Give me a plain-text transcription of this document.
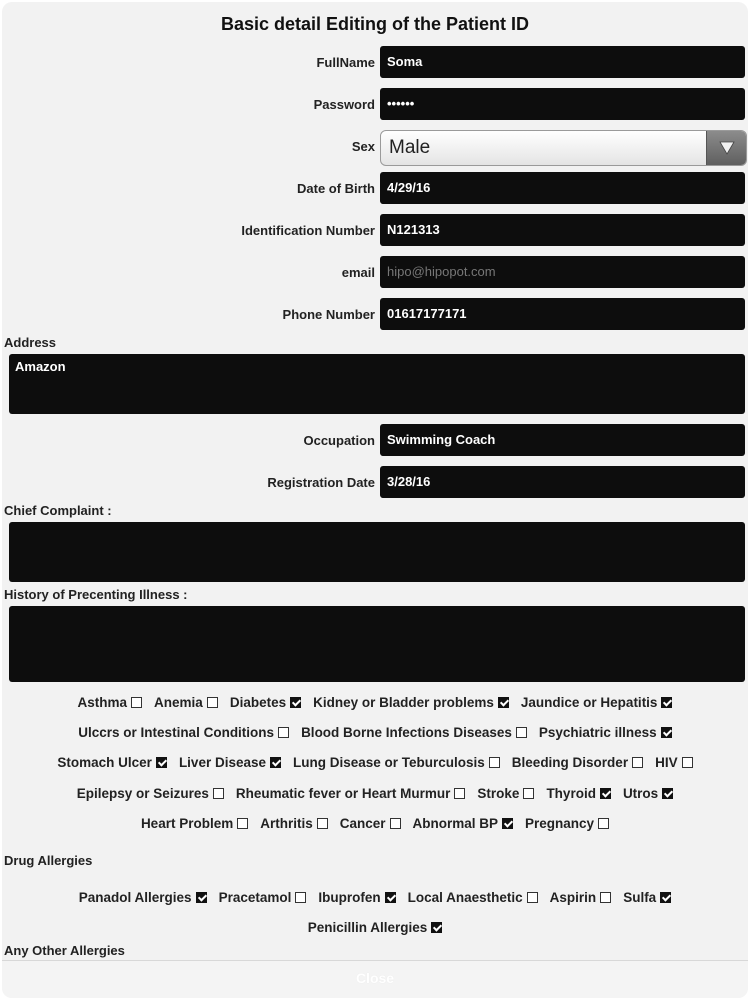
Basic detail Editing of the Patient ID
FullName Soma
Password ••••••
Sex Male
Date of Birth 4/29/16
Identification Number N121313
email hipo@hipopot.com
Phone Number 01617177171
Address
Amazon
Occupation Swimming Coach
Registration Date 3/28/16
Chief Complaint :
History of Precenting Illness :
Asthma Anemia Diabetes Kidney or Bladder problems Jaundice or Hepatitis
Ulccrs or Intestinal Conditions Blood Borne Infections Diseases Psychiatric illness
Stomach Ulcer Liver Disease Lung Disease or Teburculosis Bleeding Disorder HIV
Epilepsy or Seizures Rheumatic fever or Heart Murmur Stroke Thyroid Utros
Heart Problem Arthritis Cancer Abnormal BP Pregnancy
Drug Allergies
Panadol Allergies Pracetamol Ibuprofen Local Anaesthetic Aspirin Sulfa
Penicillin Allergies
Any Other Allergies
Close
